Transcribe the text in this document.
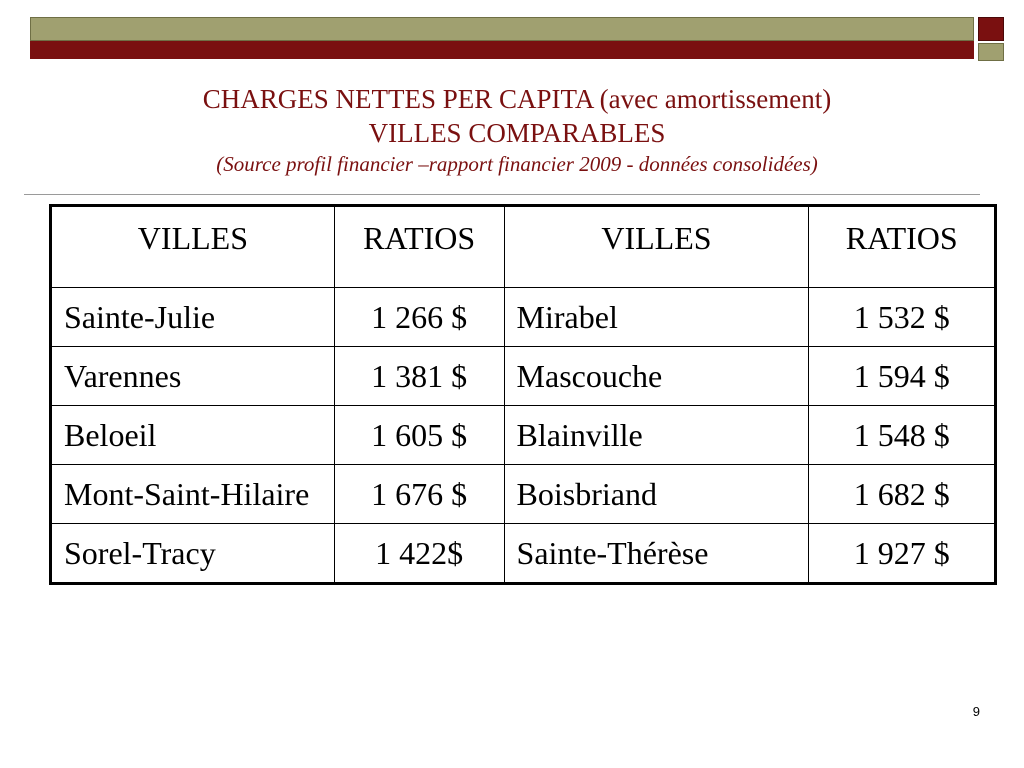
CHARGES NETTES PER CAPITA (avec amortissement)
VILLES COMPARABLES
(Source profil financier –rapport financier 2009 - données consolidées)
VILLES	RATIOS	VILLES	RATIOS
Sainte-Julie	1 266 $	Mirabel	1 532 $
Varennes	1 381 $	Mascouche	1 594 $
Beloeil	1 605 $	Blainville	1 548 $
Mont-Saint-Hilaire	1 676 $	Boisbriand	1 682 $
Sorel-Tracy	1 422$	Sainte-Thérèse	1 927 $
9
